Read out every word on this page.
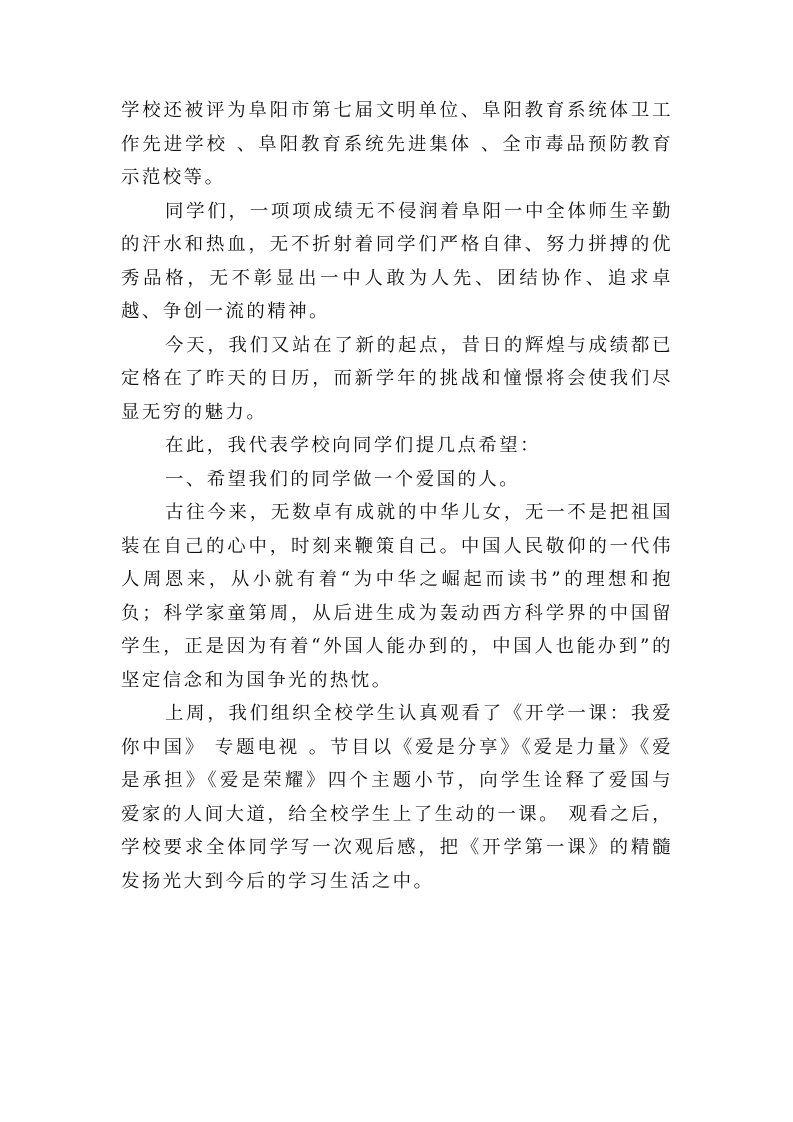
学校还被评为阜阳市第七届文明单位、阜阳教育系统体卫工作先进学校 、阜阳教育系统先进集体 、全市毒品预防教育示范校等。

同学们，一项项成绩无不侵润着阜阳一中全体师生辛勤的汗水和热血，无不折射着同学们严格自律、努力拼搏的优秀品格，无不彰显出一中人敢为人先、团结协作、追求卓越、争创一流的精神。

今天，我们又站在了新的起点，昔日的辉煌与成绩都已定格在了昨天的日历，而新学年的挑战和憧憬将会使我们尽显无穷的魅力。

在此，我代表学校向同学们提几点希望：

一、希望我们的同学做一个爱国的人。

古往今来，无数卓有成就的中华儿女，无一不是把祖国装在自己的心中，时刻来鞭策自己。中国人民敬仰的一代伟人周恩来，从小就有着“为中华之崛起而读书”的理想和抱负；科学家童第周，从后进生成为轰动西方科学界的中国留学生，正是因为有着“外国人能办到的，中国人也能办到”的坚定信念和为国争光的热忱。

上周，我们组织全校学生认真观看了《开学一课：我爱你中国》 专题电视 。节目以《爱是分享》《爱是力量》《爱是承担》《爱是荣耀》四个主题小节，向学生诠释了爱国与爱家的人间大道，给全校学生上了生动的一课。 观看之后，学校要求全体同学写一次观后感，把《开学第一课》的精髓发扬光大到今后的学习生活之中。
